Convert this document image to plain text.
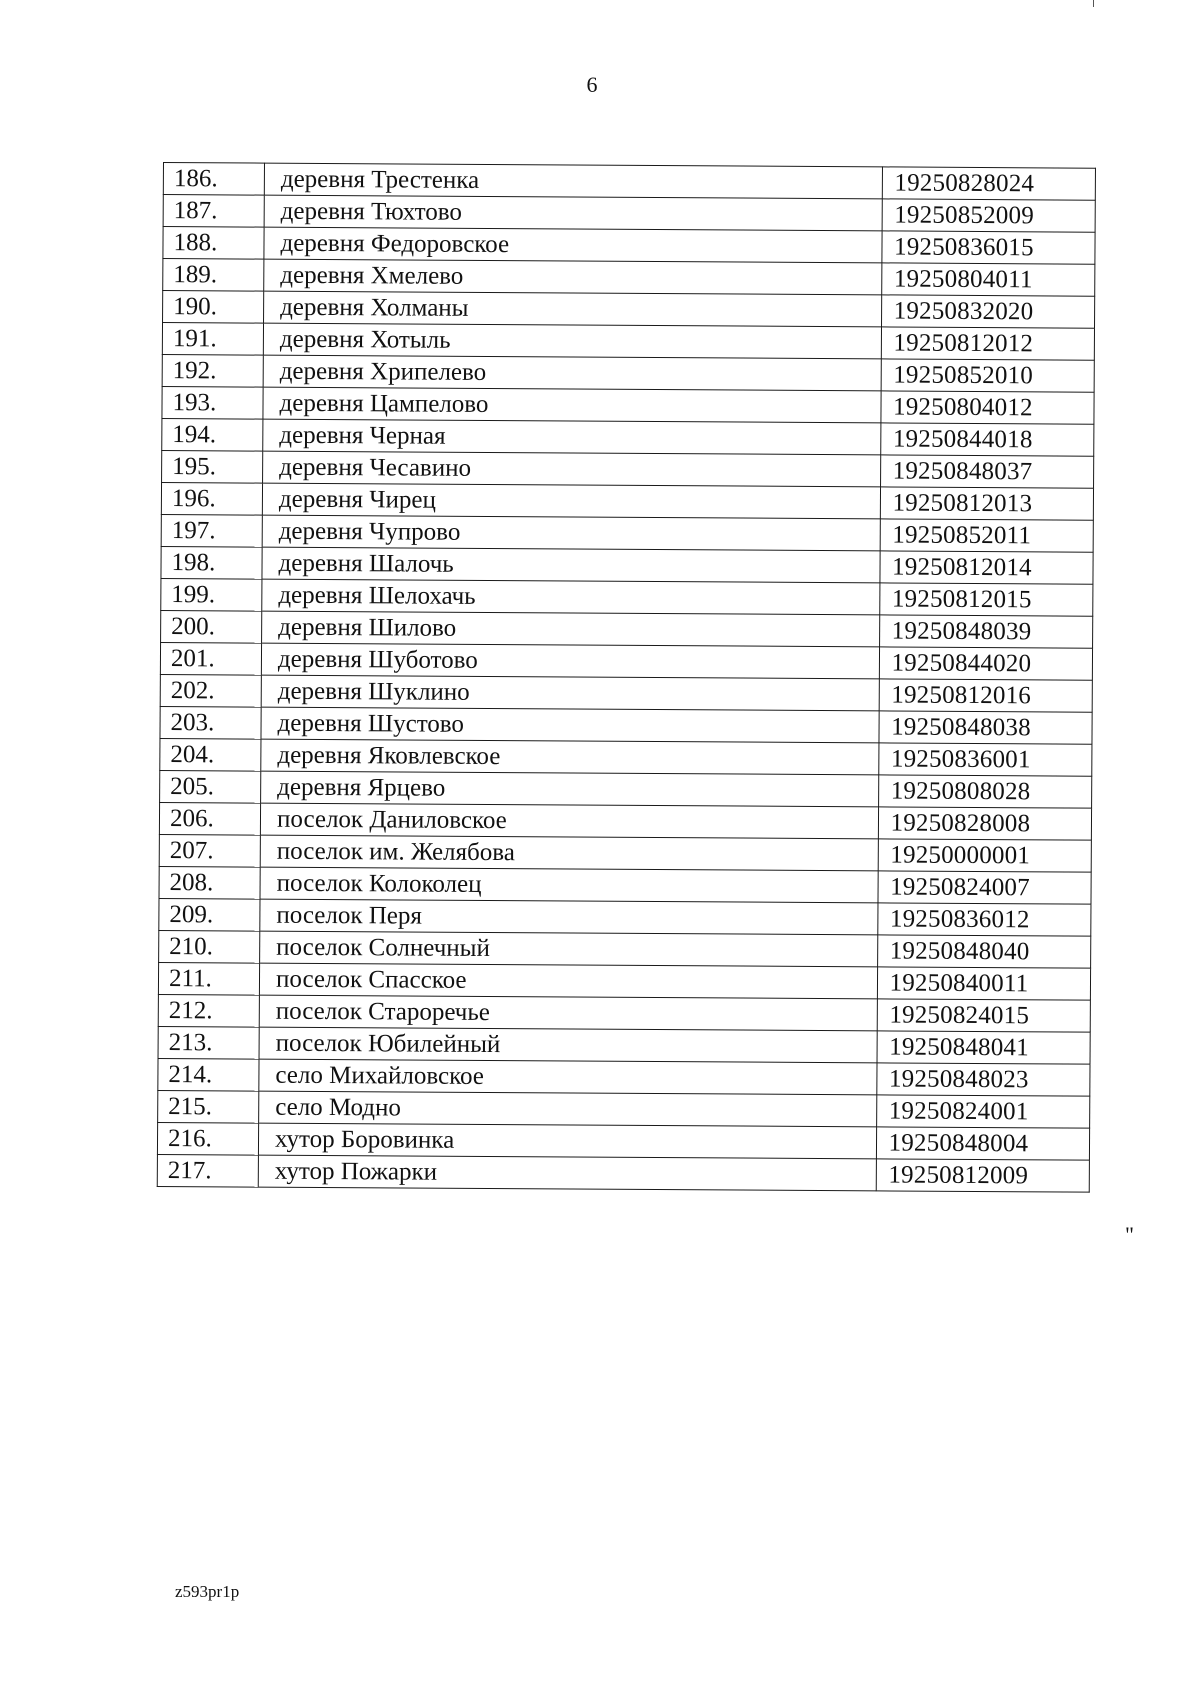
6
186.	деревня Трестенка	19250828024
187.	деревня Тюхтово	19250852009
188.	деревня Федоровское	19250836015
189.	деревня Хмелево	19250804011
190.	деревня Холманы	19250832020
191.	деревня Хотыль	19250812012
192.	деревня Хрипелево	19250852010
193.	деревня Цампелово	19250804012
194.	деревня Черная	19250844018
195.	деревня Чесавино	19250848037
196.	деревня Чирец	19250812013
197.	деревня Чупрово	19250852011
198.	деревня Шалочь	19250812014
199.	деревня Шелохачь	19250812015
200.	деревня Шилово	19250848039
201.	деревня Шуботово	19250844020
202.	деревня Шуклино	19250812016
203.	деревня Шустово	19250848038
204.	деревня Яковлевское	19250836001
205.	деревня Ярцево	19250808028
206.	поселок Даниловское	19250828008
207.	поселок им. Желябова	19250000001
208.	поселок Колоколец	19250824007
209.	поселок Перя	19250836012
210.	поселок Солнечный	19250848040
211.	поселок Спасское	19250840011
212.	поселок Староречье	19250824015
213.	поселок Юбилейный	19250848041
214.	село Михайловское	19250848023
215.	село Модно	19250824001
216.	хутор Боровинка	19250848004
217.	хутор Пожарки	19250812009
"
z593pr1p
